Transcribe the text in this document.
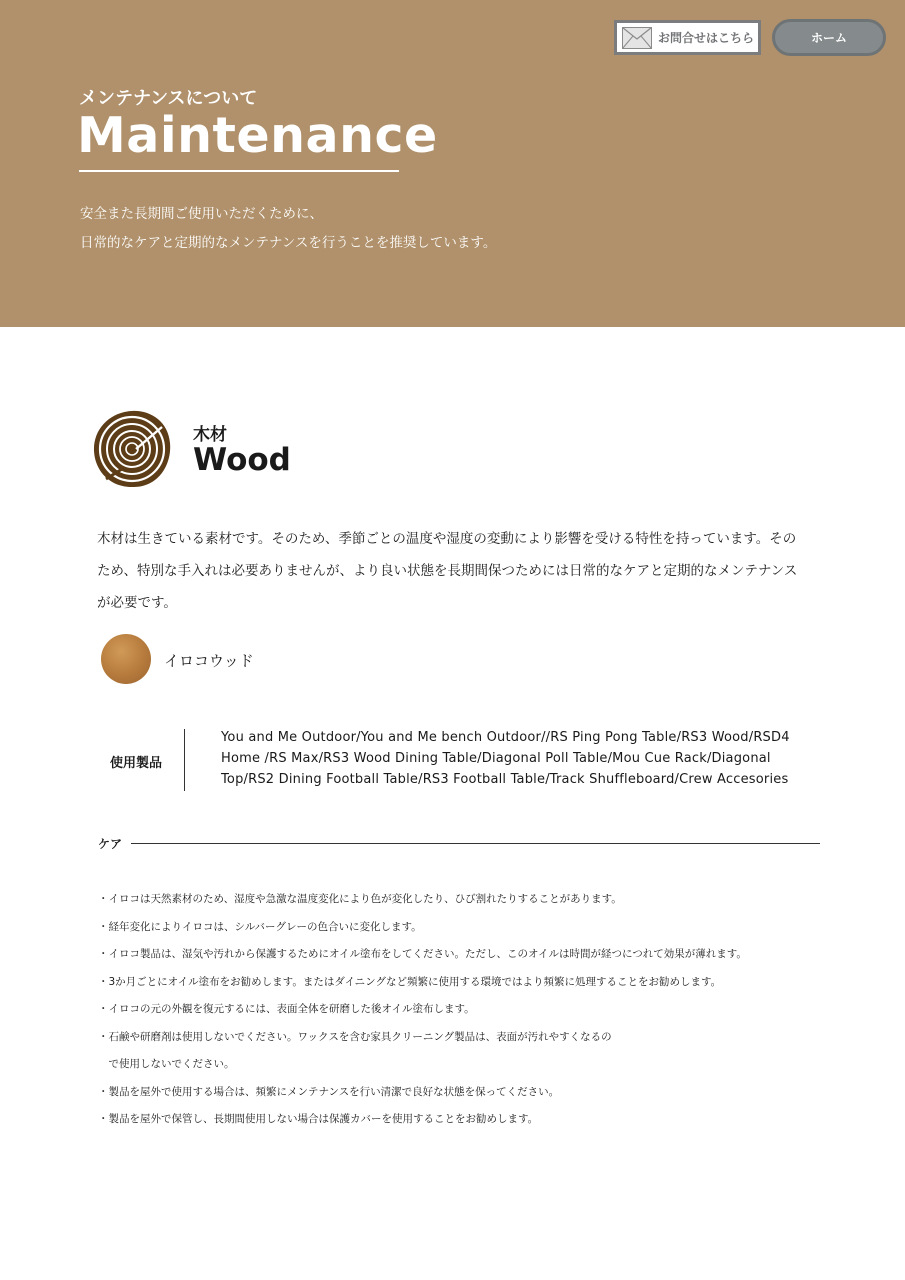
お問合せはこちら	ホーム
メンテナンスについて
Maintenance
安全また長期間ご使用いただくために、
日常的なケアと定期的なメンテナンスを行うことを推奨しています。
木材
Wood
木材は生きている素材です。そのため、季節ごとの温度や湿度の変動により影響を受ける特性を持っています。そのため、特別な手入れは必要ありませんが、より良い状態を長期間保つためには日常的なケアと定期的なメンテナンスが必要です。
イロコウッド
使用製品
You and Me Outdoor/You and Me bench Outdoor//RS Ping Pong Table/RS3 Wood/RSD4 Home /RS Max/RS3 Wood Dining Table/Diagonal Poll Table/Mou Cue Rack/Diagonal Top/RS2 Dining Football Table/RS3 Football Table/Track Shuffleboard/Crew Accesories
ケア
・イロコは天然素材のため、湿度や急激な温度変化により色が変化したり、ひび割れたりすることがあります。
・経年変化によりイロコは、シルバーグレーの色合いに変化します。
・イロコ製品は、湿気や汚れから保護するためにオイル塗布をしてください。ただし、このオイルは時間が経つにつれて効果が薄れます。
・3か月ごとにオイル塗布をお勧めします。またはダイニングなど頻繁に使用する環境ではより頻繁に処理することをお勧めします。
・イロコの元の外観を復元するには、表面全体を研磨した後オイル塗布します。
・石鹸や研磨剤は使用しないでください。ワックスを含む家具クリーニング製品は、表面が汚れやすくなるの
　で使用しないでください。
・製品を屋外で使用する場合は、頻繁にメンテナンスを行い清潔で良好な状態を保ってください。
・製品を屋外で保管し、長期間使用しない場合は保護カバーを使用することをお勧めします。
